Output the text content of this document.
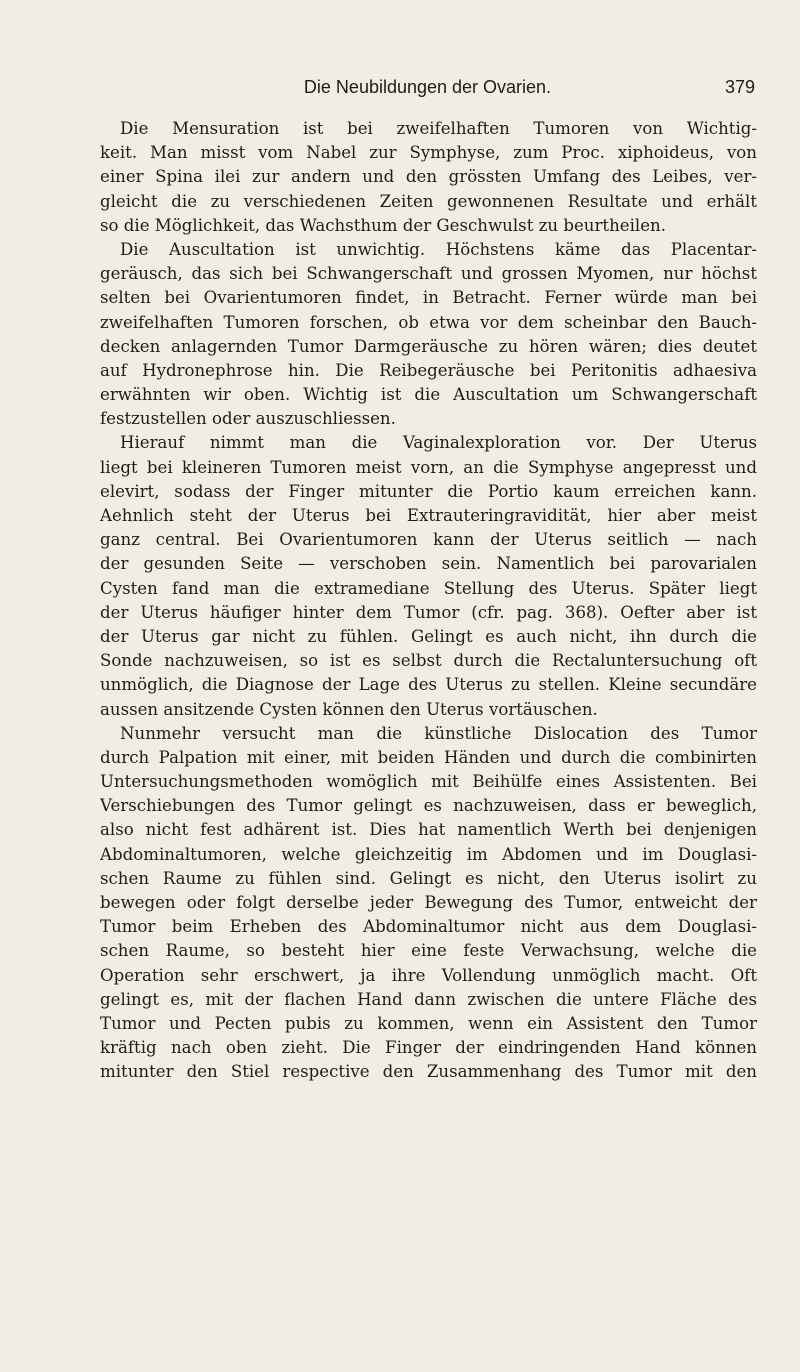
Die Neubildungen der Ovarien.	379
Die Mensuration ist bei zweifelhaften Tumoren von Wichtig-
keit. Man misst vom Nabel zur Symphyse, zum Proc. xiphoideus, von
einer Spina ilei zur andern und den grössten Umfang des Leibes, ver-
gleicht die zu verschiedenen Zeiten gewonnenen Resultate und erhält
so die Möglichkeit, das Wachsthum der Geschwulst zu beurtheilen.
Die Auscultation ist unwichtig. Höchstens käme das Placentar-
geräusch, das sich bei Schwangerschaft und grossen Myomen, nur höchst
selten bei Ovarientumoren findet, in Betracht. Ferner würde man bei
zweifelhaften Tumoren forschen, ob etwa vor dem scheinbar den Bauch-
decken anlagernden Tumor Darmgeräusche zu hören wären; dies deutet
auf Hydronephrose hin. Die Reibegeräusche bei Peritonitis adhaesiva
erwähnten wir oben. Wichtig ist die Auscultation um Schwangerschaft
festzustellen oder auszuschliessen.
Hierauf nimmt man die Vaginalexploration vor. Der Uterus
liegt bei kleineren Tumoren meist vorn, an die Symphyse angepresst und
elevirt, sodass der Finger mitunter die Portio kaum erreichen kann.
Aehnlich steht der Uterus bei Extrauteringravidität, hier aber meist
ganz central. Bei Ovarientumoren kann der Uterus seitlich — nach
der gesunden Seite — verschoben sein. Namentlich bei parovarialen
Cysten fand man die extramediane Stellung des Uterus. Später liegt
der Uterus häufiger hinter dem Tumor (cfr. pag. 368). Oefter aber ist
der Uterus gar nicht zu fühlen. Gelingt es auch nicht, ihn durch die
Sonde nachzuweisen, so ist es selbst durch die Rectaluntersuchung oft
unmöglich, die Diagnose der Lage des Uterus zu stellen. Kleine secundäre
aussen ansitzende Cysten können den Uterus vortäuschen.
Nunmehr versucht man die künstliche Dislocation des Tumor
durch Palpation mit einer, mit beiden Händen und durch die combinirten
Untersuchungsmethoden womöglich mit Beihülfe eines Assistenten. Bei
Verschiebungen des Tumor gelingt es nachzuweisen, dass er beweglich,
also nicht fest adhärent ist. Dies hat namentlich Werth bei denjenigen
Abdominaltumoren, welche gleichzeitig im Abdomen und im Douglasi-
schen Raume zu fühlen sind. Gelingt es nicht, den Uterus isolirt zu
bewegen oder folgt derselbe jeder Bewegung des Tumor, entweicht der
Tumor beim Erheben des Abdominaltumor nicht aus dem Douglasi-
schen Raume, so besteht hier eine feste Verwachsung, welche die
Operation sehr erschwert, ja ihre Vollendung unmöglich macht. Oft
gelingt es, mit der flachen Hand dann zwischen die untere Fläche des
Tumor und Pecten pubis zu kommen, wenn ein Assistent den Tumor
kräftig nach oben zieht. Die Finger der eindringenden Hand können
mitunter den Stiel respective den Zusammenhang des Tumor mit den
